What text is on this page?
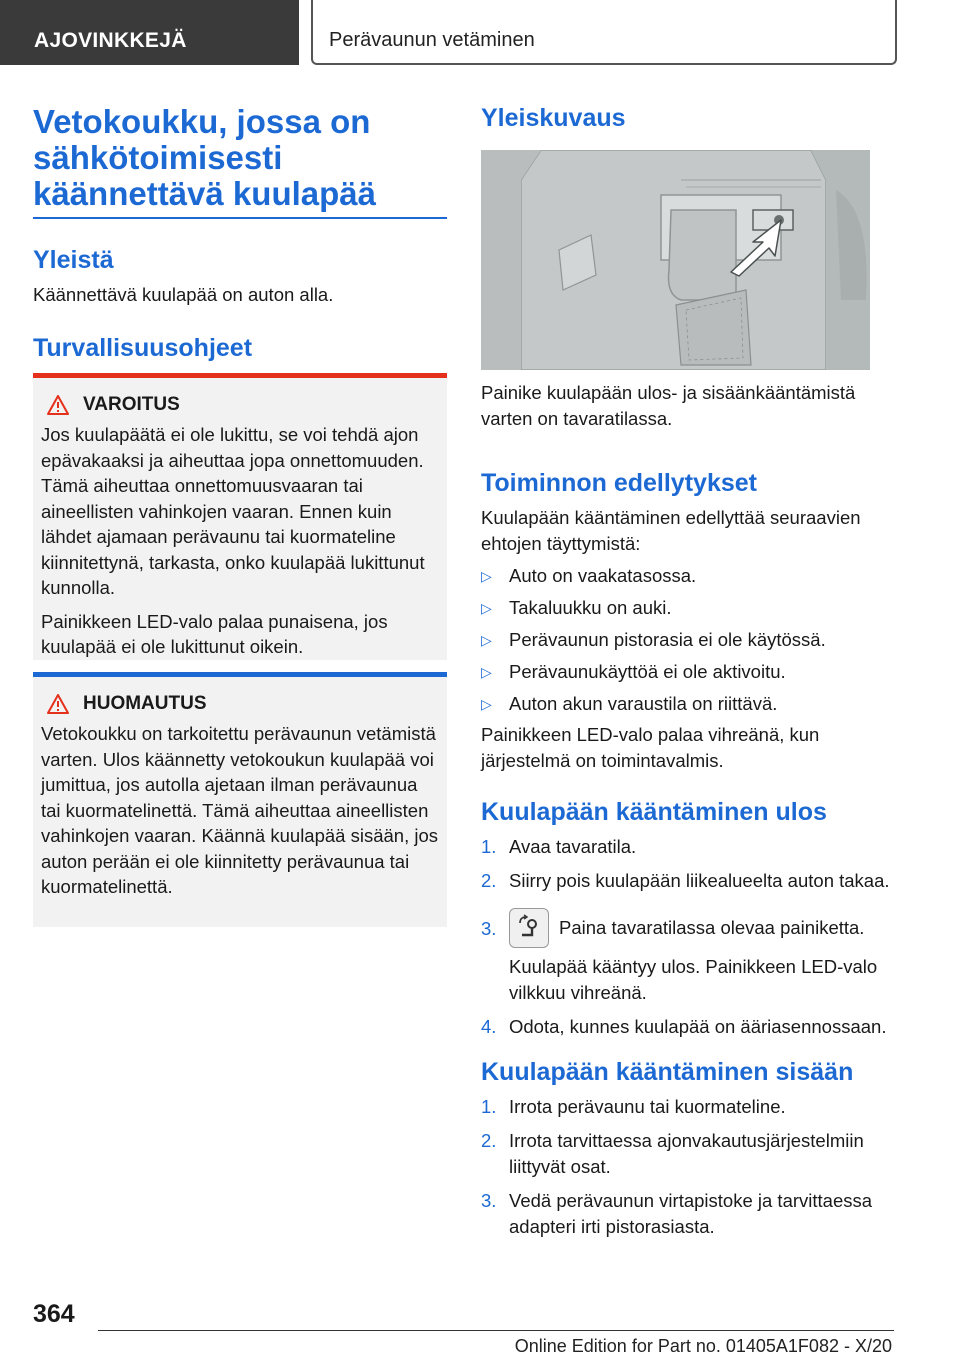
AJOVINKKEJÄ	Perävaunun vetäminen
Vetokoukku, jossa on sähkötoimisesti käännettävä kuulapää
Yleistä
Käännettävä kuulapää on auton alla.
Turvallisuusohjeet
VAROITUS

Jos kuulapäätä ei ole lukittu, se voi tehdä ajon epävakaaksi ja aiheuttaa jopa onnettomuuden. Tämä aiheuttaa onnettomuusvaaran tai aineellisten vahinkojen vaaran. Ennen kuin lähdet ajamaan perävaunu tai kuormateline kiinnitettynä, tarkasta, onko kuulapää lukittunut kunnolla.

Painikkeen LED-valo palaa punaisena, jos kuulapää ei ole lukittunut oikein.

HUOMAUTUS

Vetokoukku on tarkoitettu perävaunun vetämistä varten. Ulos käännetty vetokoukun kuulapää voi jumittua, jos autolla ajetaan ilman perävaunua tai kuormatelinettä. Tämä aiheuttaa aineellisten vahinkojen vaaran. Käännä kuulapää sisään, jos auton perään ei ole kiinnitetty perävaunua tai kuormatelinettä.

Yleiskuvaus
Painike kuulapään ulos- ja sisäänkääntämistä varten on tavaratilassa.
Toiminnon edellytykset
Kuulapään kääntäminen edellyttää seuraavien ehtojen täyttymistä:
▷ Auto on vaakatasossa.
▷ Takaluukku on auki.
▷ Perävaunun pistorasia ei ole käytössä.
▷ Perävaunukäyttöä ei ole aktivoitu.
▷ Auton akun varaustila on riittävä.
Painikkeen LED-valo palaa vihreänä, kun järjestelmä on toimintavalmis.
Kuulapään kääntäminen ulos
1. Avaa tavaratila.
2. Siirry pois kuulapään liikealueelta auton takaa.
3.	Paina tavaratilassa olevaa painiketta.
Kuulapää kääntyy ulos. Painikkeen LED-valo vilkkuu vihreänä.
4. Odota, kunnes kuulapää on ääriasennossaan.
Kuulapään kääntäminen sisään
1. Irrota perävaunu tai kuormateline.
2. Irrota tarvittaessa ajonvakautusjärjestelmiin liittyvät osat.
3. Vedä perävaunun virtapistoke ja tarvittaessa adapteri irti pistorasiasta.
364
Online Edition for Part no. 01405A1F082 - X/20
